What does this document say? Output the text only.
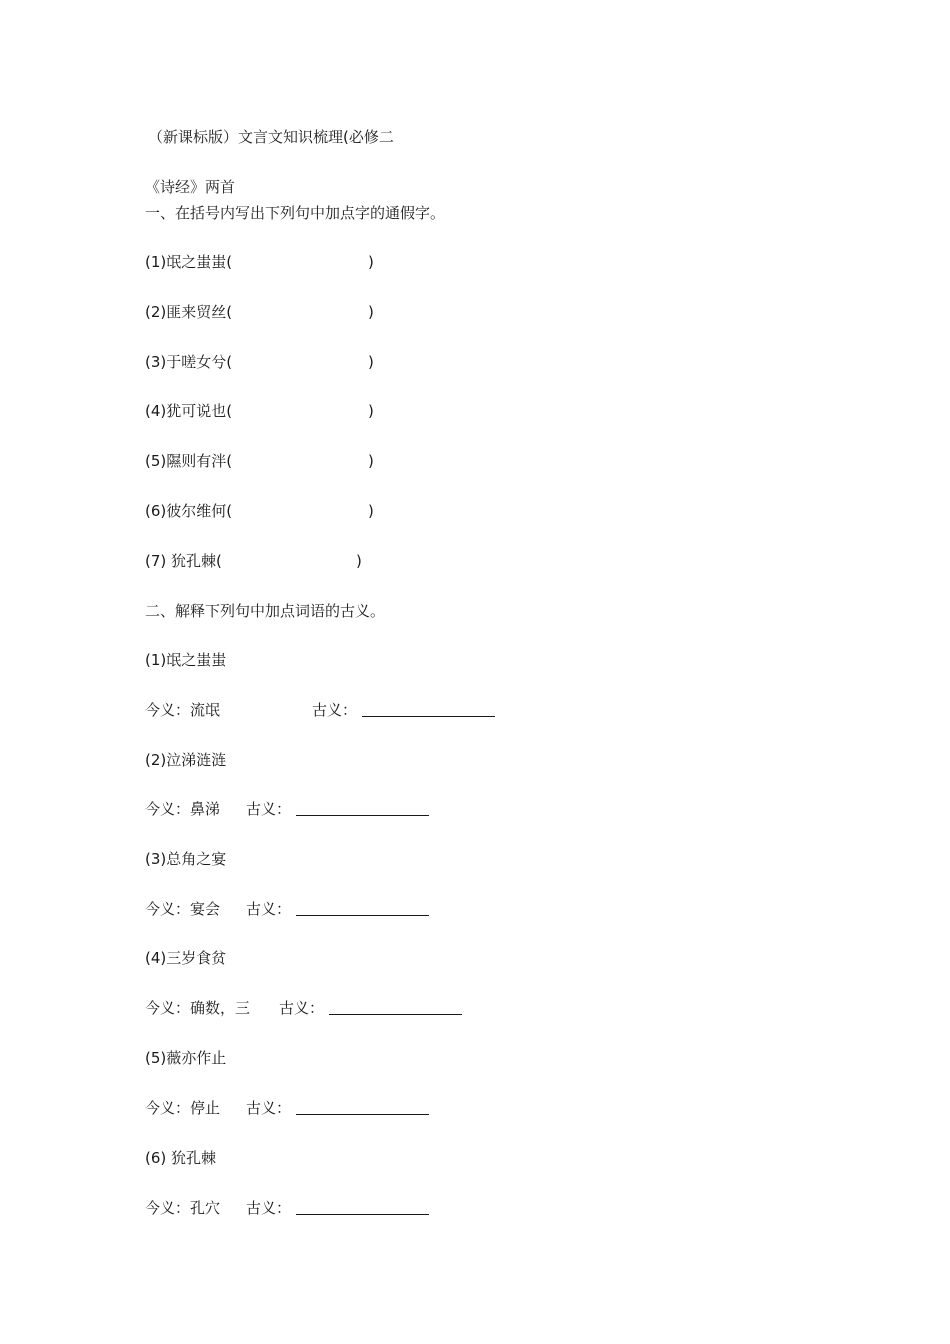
（新课标版）文言文知识梳理(必修二
《诗经》两首
一、在括号内写出下列句中加点字的通假字。
(1)氓之蚩蚩(	)
(2)匪来贸丝(	)
(3)于嗟女兮(	)
(4)犹可说也(	)
(5)隰则有泮(	)
(6)彼尔维何(	)
(7) 狁孔棘(	)
二、解释下列句中加点词语的古义。
(1)氓之蚩蚩
今义：流氓	古义：
(2)泣涕涟涟
今义：鼻涕 古义：
(3)总角之宴
今义：宴会 古义：
(4)三岁食贫
今义：确数，三 古义：
(5)薇亦作止
今义：停止 古义：
(6) 狁孔棘
今义：孔穴 古义：
